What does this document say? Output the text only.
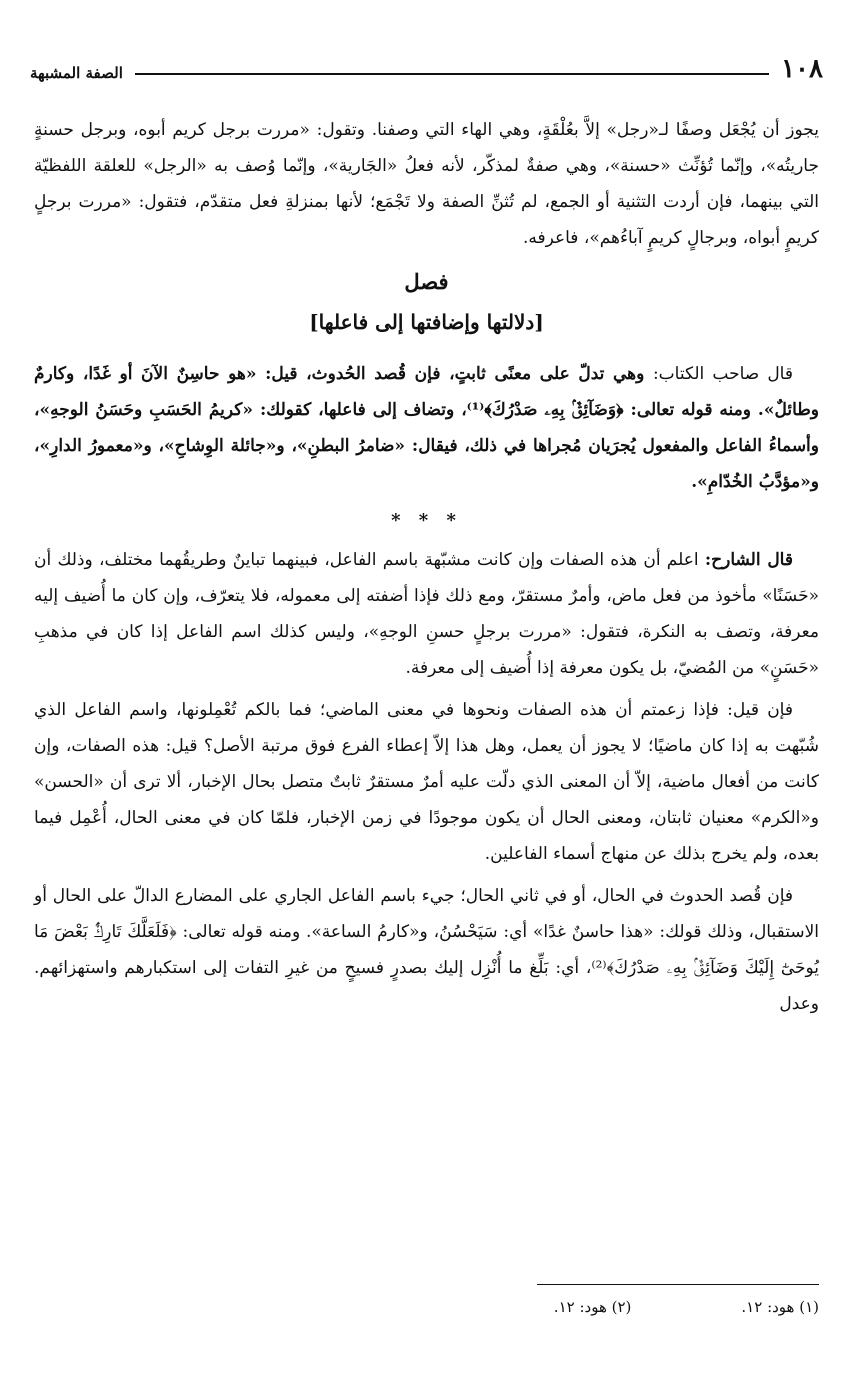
١٠٨
الصفة المشبهة

يجوز أن يُجْعَل وصفًا لـ«رجل» إلاَّ بعُلْقَةٍ، وهي الهاء التي وصفنا. وتقول: «مررت برجل كريم أبوه، وبرجل حسنةٍ جاريتُه»، وإنّما تُؤنِّث «حسنة»، وهي صفةٌ لمذكّر، لأنه فعلُ «الجَارية»، وإنّما وُصف به «الرجل» للعلقة اللفظيّة التي بينهما، فإن أردت التثنية أو الجمع، لم تُثنِّ الصفة ولا تَجْمَع؛ لأنها بمنزلةِ فعل متقدّم، فتقول: «مررت برجلٍ كريمٍ أبواه، وبرجالٍ كريمٍ آباءُهم»، فاعرفه.

فصل
[دلالتها وإضافتها إلى فاعلها]

قال صاحب الكتاب: وهي تدلّ على معنًى ثابتٍ، فإن قُصد الحُدوث، قيل: «هو حاسِنٌ الآنَ أو غَدًا، وكارمٌ وطائلٌ». ومنه قوله تعالى: ﴿وَضَآئِقٌۢ بِهِۦ صَدْرُكَ﴾⁽¹⁾، وتضاف إلى فاعلها، كقولك: «كريمُ الحَسَبِ وحَسَنُ الوجهِ»، وأسماءُ الفاعل والمفعول يُجرَيان مُجراها في ذلك، فيقال: «ضامرُ البطنِ»، و«جائلة الوِشاحِ»، و«معمورُ الدارِ»، و«مؤدَّبُ الخُدّامِ».

* * *

قال الشارح: اعلم أن هذه الصفات وإن كانت مشبّهة باسم الفاعل، فبينهما تباينٌ وطريقُهما مختلف، وذلك أن «حَسَنًا» مأخوذ من فعل ماض، وأمرٌ مستقرّ، ومع ذلك فإذا أضفته إلى معموله، فلا يتعرّف، وإن كان ما أُضيف إليه معرفة، وتصف به النكرة، فتقول: «مررت برجلٍ حسنِ الوجهِ»، وليس كذلك اسم الفاعل إذا كان في مذهبِ «حَسَنٍ» من المُضيّ، بل يكون معرفة إذا أُضيف إلى معرفة.

فإن قيل: فإذا زعمتم أن هذه الصفات ونحوها في معنى الماضي؛ فما بالكم تُعْمِلونها، واسم الفاعل الذي شُبّهت به إذا كان ماضيًا؛ لا يجوز أن يعمل، وهل هذا إلاّ إعطاء الفرع فوق مرتبة الأصل؟ قيل: هذه الصفات، وإن كانت من أفعال ماضية، إلاّ أن المعنى الذي دلّت عليه أمرٌ مستقرٌ ثابتٌ متصل بحال الإخبار، ألا ترى أن «الحسن» و«الكرم» معنيان ثابتان، ومعنى الحال أن يكون موجودًا في زمن الإخبار، فلمّا كان في معنى الحال، أُعْمِل فيما بعده، ولم يخرج بذلك عن منهاج أسماء الفاعلين.

فإن قُصد الحدوث في الحال، أو في ثاني الحال؛ جيء باسم الفاعل الجاري على المضارع الدالّ على الحال أو الاستقبال، وذلك قولك: «هذا حاسنٌ غدًا» أي: سَيَحْسُنُ، و«كارمُ الساعة». ومنه قوله تعالى: ﴿فَلَعَلَّكَ تَارِكٌۢ بَعْضَ مَا يُوحَىٰٓ إِلَيْكَ وَضَآئِقٌۢ بِهِۦ صَدْرُكَ﴾⁽²⁾، أي: بَلِّغ ما أُنْزِل إليك بصدرٍ فسيحٍ من غيرِ التفات إلى استكبارهم واستهزائهم. وعدل

(١) هود: ١٢.
(٢) هود: ١٢.
